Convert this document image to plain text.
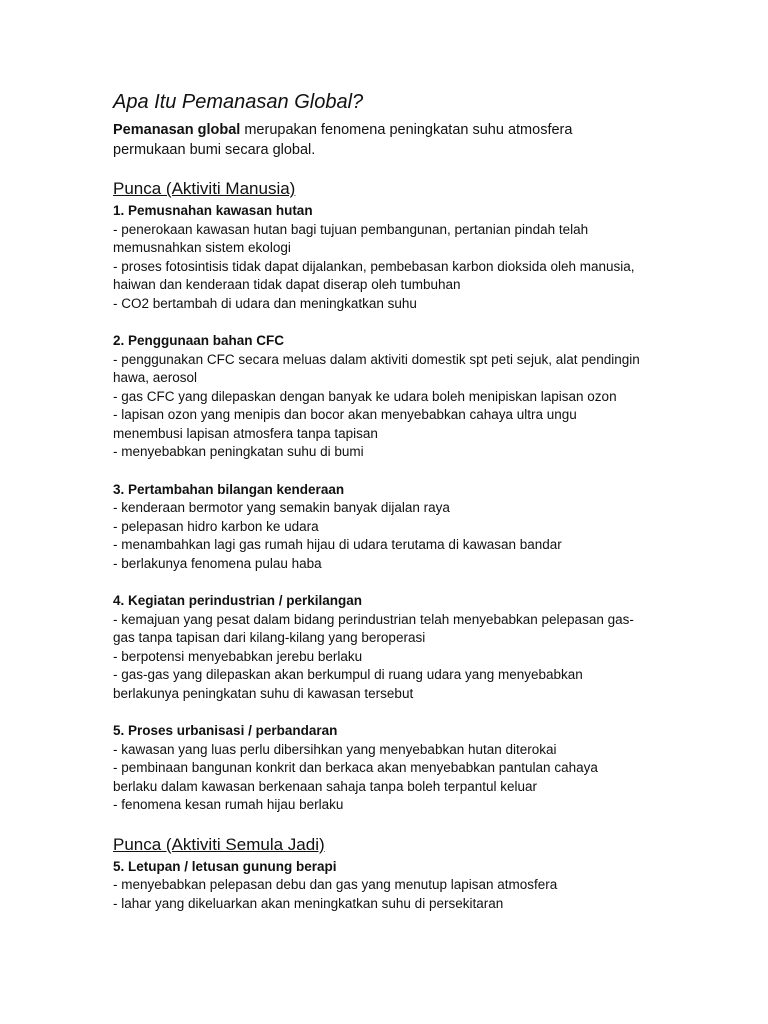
Apa Itu Pemanasan Global?

Pemanasan global merupakan fenomena peningkatan suhu atmosfera
permukaan bumi secara global.

Punca (Aktiviti Manusia)

1. Pemusnahan kawasan hutan

- penerokaan kawasan hutan bagi tujuan pembangunan, pertanian pindah telah

memusnahkan sistem ekologi

- proses fotosintisis tidak dapat dijalankan, pembebasan karbon dioksida oleh manusia,

haiwan dan kenderaan tidak dapat diserap oleh tumbuhan

- CO2 bertambah di udara dan meningkatkan suhu

2. Penggunaan bahan CFC

- penggunakan CFC secara meluas dalam aktiviti domestik spt peti sejuk, alat pendingin

hawa, aerosol

- gas CFC yang dilepaskan dengan banyak ke udara boleh menipiskan lapisan ozon

- lapisan ozon yang menipis dan bocor akan menyebabkan cahaya ultra ungu

menembusi lapisan atmosfera tanpa tapisan

- menyebabkan peningkatan suhu di bumi

3. Pertambahan bilangan kenderaan

- kenderaan bermotor yang semakin banyak dijalan raya

- pelepasan hidro karbon ke udara

- menambahkan lagi gas rumah hijau di udara terutama di kawasan bandar

- berlakunya fenomena pulau haba

4. Kegiatan perindustrian / perkilangan

- kemajuan yang pesat dalam bidang perindustrian telah menyebabkan pelepasan gas-

gas tanpa tapisan dari kilang-kilang yang beroperasi

- berpotensi menyebabkan jerebu berlaku

- gas-gas yang dilepaskan akan berkumpul di ruang udara yang menyebabkan

berlakunya peningkatan suhu di kawasan tersebut

5. Proses urbanisasi / perbandaran

- kawasan yang luas perlu dibersihkan yang menyebabkan hutan diterokai

- pembinaan bangunan konkrit dan berkaca akan menyebabkan pantulan cahaya

berlaku dalam kawasan berkenaan sahaja tanpa boleh terpantul keluar

- fenomena kesan rumah hijau berlaku

Punca (Aktiviti Semula Jadi)

5. Letupan / letusan gunung berapi

- menyebabkan pelepasan debu dan gas yang menutup lapisan atmosfera

- lahar yang dikeluarkan akan meningkatkan suhu di persekitaran
